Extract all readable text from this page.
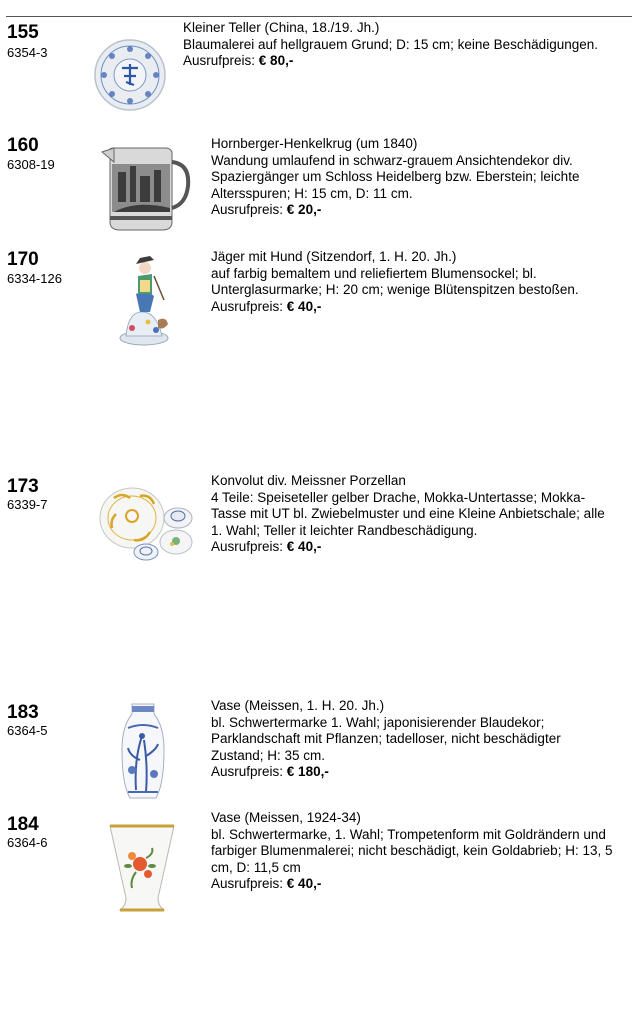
155
6354-3
Kleiner Teller (China, 18./19. Jh.)
Blaumalerei auf hellgrauem Grund; D: 15 cm; keine Beschädigungen.
Ausrufpreis: € 80,-
160
6308-19
Hornberger-Henkelkrug (um 1840)
Wandung umlaufend in schwarz-grauem Ansichtendekor div.
Spaziergänger um Schloss Heidelberg bzw. Eberstein; leichte
Altersspuren; H: 15 cm, D: 11 cm.
Ausrufpreis: € 20,-
170
6334-126
Jäger mit Hund (Sitzendorf, 1. H. 20. Jh.)
auf farbig bemaltem und reliefiertem Blumensockel; bl.
Unterglasurmarke; H: 20 cm; wenige Blütenspitzen bestoßen.
Ausrufpreis: € 40,-
173
6339-7
Konvolut div. Meissner Porzellan
4 Teile: Speiseteller gelber Drache, Mokka-Untertasse; Mokka-
Tasse mit UT bl. Zwiebelmuster und eine Kleine Anbietschale; alle
1. Wahl; Teller it leichter Randbeschädigung.
Ausrufpreis: € 40,-
183
6364-5
Vase (Meissen, 1. H. 20. Jh.)
bl. Schwertermarke 1. Wahl; japonisierender Blaudekor;
Parklandschaft mit Pflanzen; tadelloser, nicht beschädigter
Zustand; H: 35 cm.
Ausrufpreis: € 180,-
184
6364-6
Vase (Meissen, 1924-34)
bl. Schwertermarke, 1. Wahl; Trompetenform mit Goldrändern und
farbiger Blumenmalerei; nicht beschädigt, kein Goldabrieb; H: 13, 5
cm, D: 11,5 cm
Ausrufpreis: € 40,-
